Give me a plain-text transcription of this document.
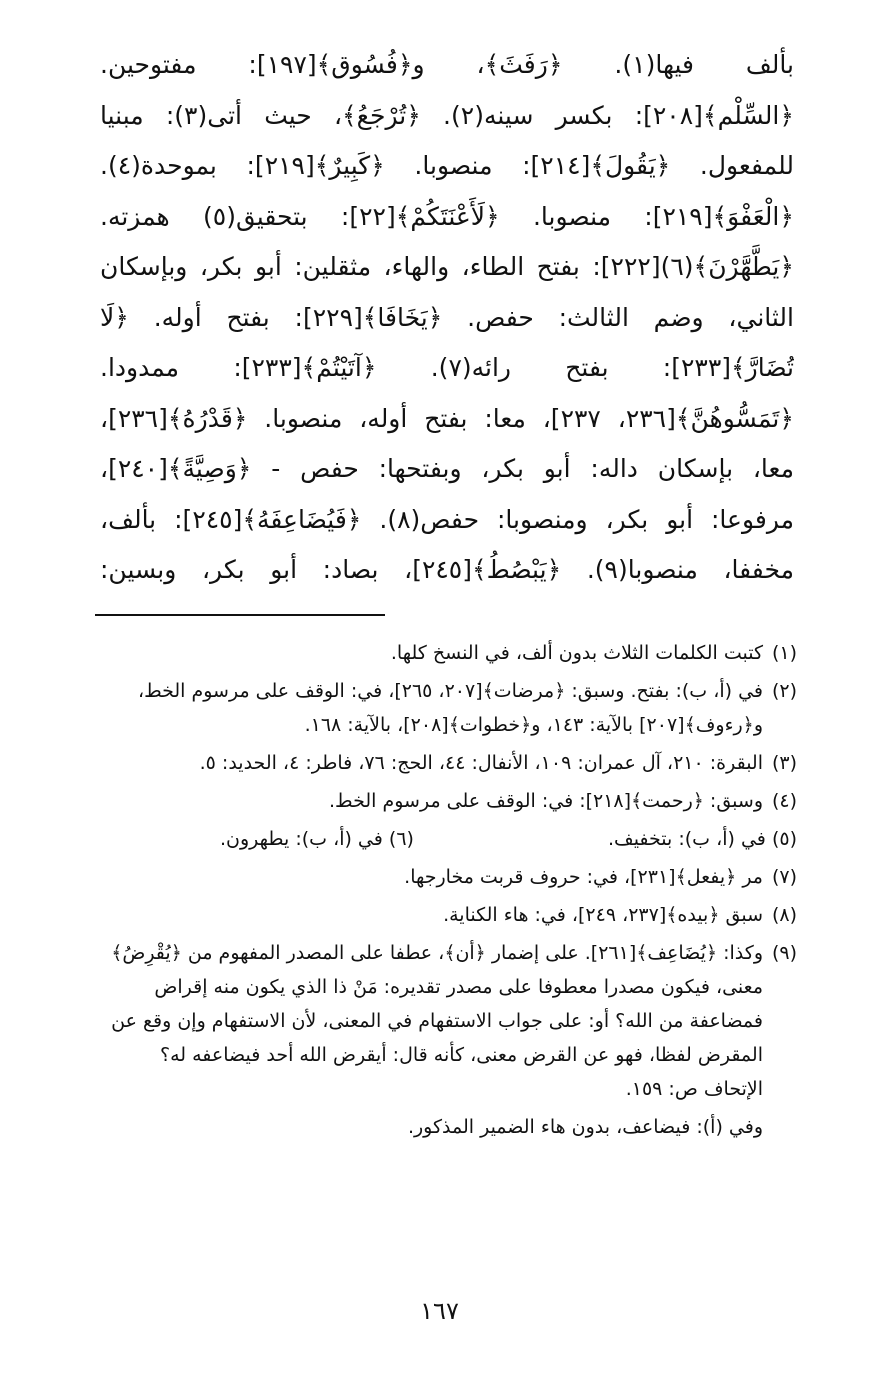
بألف فيها(١). ﴿رَفَثَ﴾، و﴿فُسُوق﴾[١٩٧]: مفتوحين.
﴿السِّلْم﴾[٢٠٨]: بكسر سينه(٢). ﴿تُرْجَعُ﴾، حيث أتى(٣): مبنيا
للمفعول. ﴿يَقُولَ﴾[٢١٤]: منصوبا. ﴿كَبِيرٌ﴾[٢١٩]: بموحدة(٤).
﴿الْعَفْوَ﴾[٢١٩]: منصوبا. ﴿لَأَعْنَتَكُمْ﴾[٢٢]: بتحقيق(٥) همزته.
﴿يَطَّهَّرْنَ﴾(٦)[٢٢٢]: بفتح الطاء، والهاء، مثقلين: أبو بكر، وبإسكان
الثاني، وضم الثالث: حفص. ﴿يَخَافَا﴾[٢٢٩]: بفتح أوله. ﴿لَا
تُضَارَّ﴾[٢٣٣]: بفتح رائه(٧). ﴿آتَيْتُمْ﴾[٢٣٣]: ممدودا.
﴿تَمَسُّوهُنَّ﴾[٢٣٦، ٢٣٧]، معا: بفتح أوله، منصوبا. ﴿قَدْرُهُ﴾[٢٣٦]،
معا، بإسكان داله: أبو بكر، وبفتحها: حفص - ﴿وَصِيَّةً﴾[٢٤٠]،
مرفوعا: أبو بكر، ومنصوبا: حفص(٨). ﴿فَيُضَاعِفَهُ﴾[٢٤٥]: بألف،
مخففا، منصوبا(٩). ﴿يَبْصُطُ﴾[٢٤٥]، بصاد: أبو بكر، وبسين:
(١)
كتبت الكلمات الثلاث بدون ألف، في النسخ كلها.
(٢)
في (أ، ب): بفتح. وسبق: ﴿مرضات﴾[٢٠٧، ٢٦٥]، في: الوقف على مرسوم الخط، و﴿رءوف﴾[٢٠٧] بالآية: ١٤٣، و﴿خطوات﴾[٢٠٨]، بالآية: ١٦٨.
(٣)
البقرة: ٢١٠، آل عمران: ١٠٩، الأنفال: ٤٤، الحج: ٧٦، فاطر: ٤، الحديد: ٥.
(٤)
وسبق: ﴿رحمت﴾[٢١٨]: في: الوقف على مرسوم الخط.
(٥) في (أ، ب): بتخفيف.
(٦) في (أ، ب): يطهرون.
(٧)
مر ﴿يفعل﴾[٢٣١]، في: حروف قربت مخارجها.
(٨)
سبق ﴿بيده﴾[٢٣٧، ٢٤٩]، في: هاء الكناية.
(٩)
وكذا: ﴿يُضَاعِف﴾[٢٦١]. على إضمار ﴿أن﴾، عطفا على المصدر المفهوم من ﴿يُقْرِضُ﴾ معنى، فيكون مصدرا معطوفا على مصدر تقديره: مَنْ ذا الذي يكون منه إقراض فمضاعفة من الله؟ أو: على جواب الاستفهام في المعنى، لأن الاستفهام وإن وقع عن المقرض لفظا، فهو عن القرض معنى، كأنه قال: أيقرض الله أحد فيضاعفه له؟ الإتحاف ص: ١٥٩.
وفي (أ): فيضاعف، بدون هاء الضمير المذكور.
١٦٧
